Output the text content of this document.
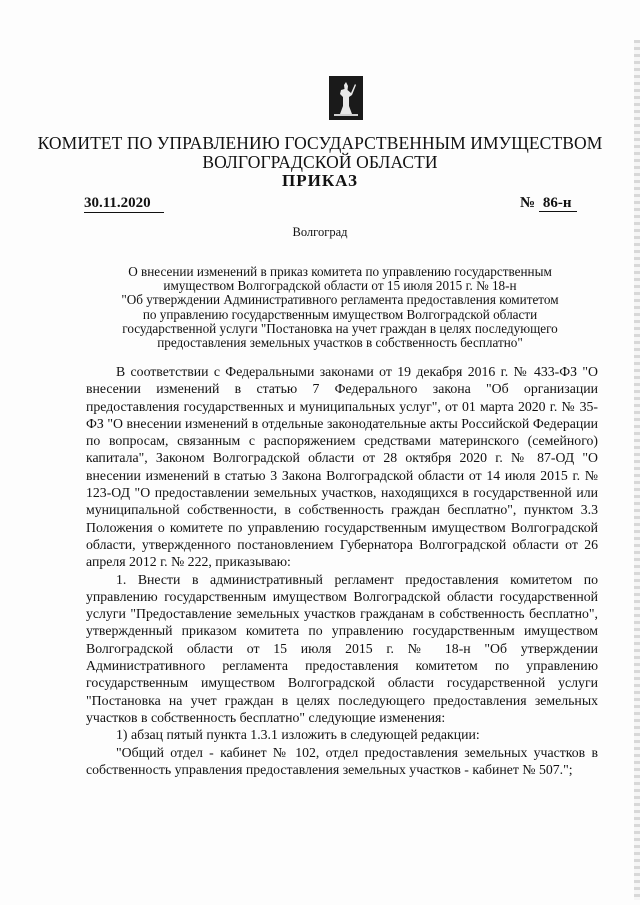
КОМИТЕТ ПО УПРАВЛЕНИЮ ГОСУДАРСТВЕННЫМ ИМУЩЕСТВОМ
ВОЛГОГРАДСКОЙ ОБЛАСТИ
ПРИКАЗ
30.11.2020	№ 86-н
Волгоград
О внесении изменений в приказ комитета по управлению государственным
имуществом Волгоградской области от 15 июля 2015 г. № 18-н
"Об утверждении Административного регламента предоставления комитетом
по управлению государственным имуществом Волгоградской области
государственной услуги "Постановка на учет граждан в целях последующего
предоставления земельных участков в собственность бесплатно"

В соответствии с Федеральными законами от 19 декабря 2016 г. № 433-ФЗ "О внесении изменений в статью 7 Федерального закона "Об организации предоставления государственных и муниципальных услуг", от 01 марта 2020 г. № 35-ФЗ "О внесении изменений в отдельные законодательные акты Российской Федерации по вопросам, связанным с распоряжением средствами материнского (семейного) капитала", Законом Волгоградской области от 28 октября 2020 г. № 87-ОД "О внесении изменений в статью 3 Закона Волгоградской области от 14 июля 2015 г. № 123-ОД "О предоставлении земельных участков, находящихся в государственной или муниципальной собственности, в собственность граждан бесплатно", пунктом 3.3 Положения о комитете по управлению государственным имуществом Волгоградской области, утвержденного постановлением Губернатора Волгоградской области от 26 апреля 2012 г. № 222, приказываю:

1. Внести в административный регламент предоставления комитетом по управлению государственным имуществом Волгоградской области государственной услуги "Предоставление земельных участков гражданам в собственность бесплатно", утвержденный приказом комитета по управлению государственным имуществом Волгоградской области от 15 июля 2015 г. № 18-н "Об утверждении Административного регламента предоставления комитетом по управлению государственным имуществом Волгоградской области государственной услуги "Постановка на учет граждан в целях последующего предоставления земельных участков в собственность бесплатно" следующие изменения:

1) абзац пятый пункта 1.3.1 изложить в следующей редакции:

"Общий отдел - кабинет № 102, отдел предоставления земельных участков в собственность управления предоставления земельных участков - кабинет № 507.";
